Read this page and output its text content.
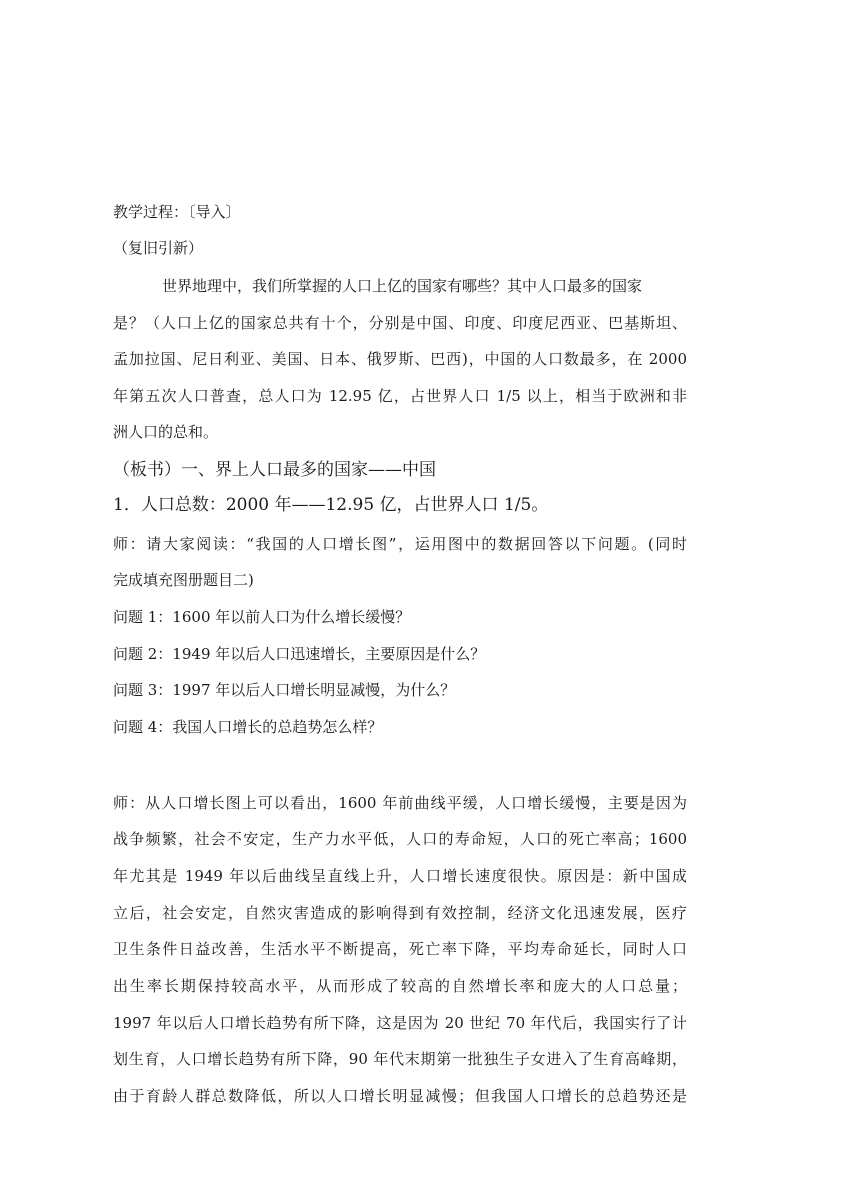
教学过程：〔导入〕
（复旧引新）
世界地理中，我们所掌握的人口上亿的国家有哪些？其中人口最多的国家
是？（人口上亿的国家总共有十个，分别是中国、印度、印度尼西亚、巴基斯坦、
孟加拉国、尼日利亚、美国、日本、俄罗斯、巴西)，中国的人口数最多，在 2000
年第五次人口普查，总人口为 12.95 亿，占世界人口 1/5 以上，相当于欧洲和非
洲人口的总和。
（板书）一、界上人口最多的国家——中国
1．人口总数：2000 年——12.95 亿，占世界人口 1/5。
师：请大家阅读：“我国的人口增长图”，运用图中的数据回答以下问题。(同时
完成填充图册题目二)
问题 1：1600 年以前人口为什么增长缓慢？
问题 2：1949 年以后人口迅速增长，主要原因是什么？
问题 3：1997 年以后人口增长明显减慢，为什么？
问题 4：我国人口增长的总趋势怎么样？
师：从人口增长图上可以看出，1600 年前曲线平缓，人口增长缓慢，主要是因为
战争频繁，社会不安定，生产力水平低，人口的寿命短，人口的死亡率高；1600
年尤其是 1949 年以后曲线呈直线上升，人口增长速度很快。原因是：新中国成
立后，社会安定，自然灾害造成的影响得到有效控制，经济文化迅速发展，医疗
卫生条件日益改善，生活水平不断提高，死亡率下降，平均寿命延长，同时人口
出生率长期保持较高水平，从而形成了较高的自然增长率和庞大的人口总量；
1997 年以后人口增长趋势有所下降，这是因为 20 世纪 70 年代后，我国实行了计
划生育，人口增长趋势有所下降，90 年代末期第一批独生子女进入了生育高峰期，
由于育龄人群总数降低，所以人口增长明显减慢；但我国人口增长的总趋势还是
